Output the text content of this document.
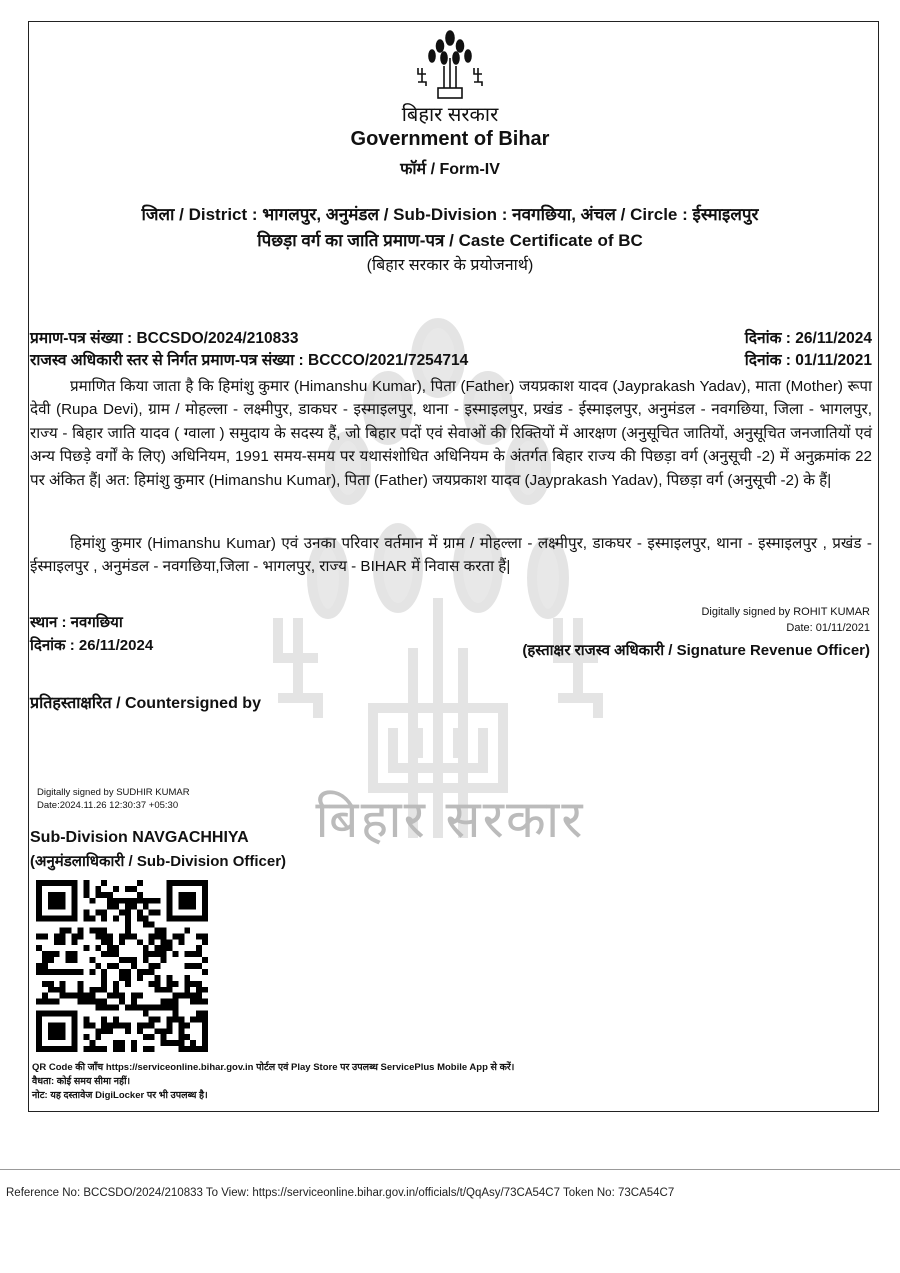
बिहार सरकार
बिहार सरकार
Government of Bihar
फॉर्म / Form-IV
जिला / District : भागलपुर, अनुमंडल / Sub-Division : नवगछिया, अंचल / Circle : ईस्माइलपुर
पिछड़ा वर्ग का जाति प्रमाण-पत्र / Caste Certificate of BC
(बिहार सरकार के प्रयोजनार्थ)
प्रमाण-पत्र संख्या : BCCSDO/2024/210833	दिनांक : 26/11/2024
राजस्व अधिकारी स्तर से निर्गत प्रमाण-पत्र संख्या : BCCCO/2021/7254714	दिनांक : 01/11/2021
प्रमाणित किया जाता है कि हिमांशु कुमार (Himanshu Kumar), पिता (Father) जयप्रकाश यादव (Jayprakash Yadav), माता (Mother) रूपा देवी (Rupa Devi), ग्राम / मोहल्ला - लक्ष्मीपुर, डाकघर - इस्माइलपुर, थाना - इस्माइलपुर, प्रखंड - ईस्माइलपुर, अनुमंडल - नवगछिया, जिला - भागलपुर, राज्य - बिहार जाति यादव ( ग्वाला ) समुदाय के सदस्य हैं, जो बिहार पदों एवं सेवाओं की रिक्तियों में आरक्षण (अनुसूचित जातियों, अनुसूचित जनजातियों एवं अन्य पिछड़े वर्गों के लिए) अधिनियम, 1991 समय-समय पर यथासंशोधित अधिनियम के अंतर्गत बिहार राज्य की पिछड़ा वर्ग (अनुसूची -2) में अनुक्रमांक 22 पर अंकित हैं| अत: हिमांशु कुमार (Himanshu Kumar), पिता (Father) जयप्रकाश यादव (Jayprakash Yadav), पिछड़ा वर्ग (अनुसूची -2) के हैं|
हिमांशु कुमार (Himanshu Kumar) एवं उनका परिवार वर्तमान में ग्राम / मोहल्ला - लक्ष्मीपुर, डाकघर - इस्माइलपुर, थाना - इस्माइलपुर , प्रखंड - ईस्माइलपुर , अनुमंडल - नवगछिया,जिला - भागलपुर, राज्य - BIHAR में निवास करता हैं|
स्थान : नवगछिया
दिनांक : 26/11/2024
Digitally signed by ROHIT KUMAR
Date: 01/11/2021
(हस्ताक्षर राजस्व अधिकारी / Signature Revenue Officer)
प्रतिहस्ताक्षरित / Countersigned by
Digitally signed by SUDHIR KUMAR
Date:2024.11.26 12:30:37 +05:30
Sub-Division NAVGACHHIYA
(अनुमंडलाधिकारी / Sub-Division Officer)
QR Code की जाँच https://serviceonline.bihar.gov.in पोर्टल एवं Play Store पर उपलब्ध ServicePlus Mobile App से करें।
वैधता: कोई समय सीमा नहीं।
नोट: यह दस्तावेज DigiLocker पर भी उपलब्ध है।
Reference No: BCCSDO/2024/210833 To View: https://serviceonline.bihar.gov.in/officials/t/QqAsy/73CA54C7 Token No: 73CA54C7
